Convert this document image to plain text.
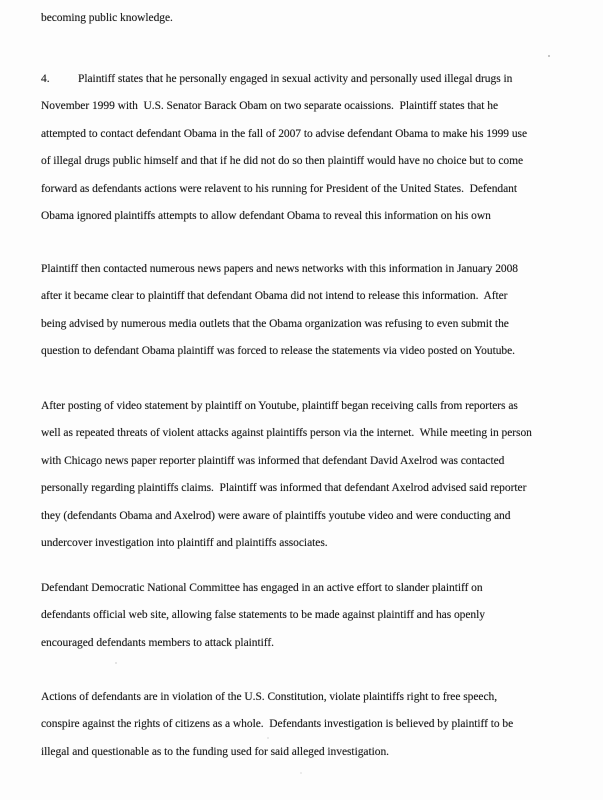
becoming public knowledge.
4. Plaintiff states that he personally engaged in sexual activity and personally used illegal drugs in
November 1999 with  U.S. Senator Barack Obam on two separate ocaissions.  Plaintiff states that he
attempted to contact defendant Obama in the fall of 2007 to advise defendant Obama to make his 1999 use
of illegal drugs public himself and that if he did not do so then plaintiff would have no choice but to come
forward as defendants actions were relavent to his running for President of the United States.  Defendant
Obama ignored plaintiffs attempts to allow defendant Obama to reveal this information on his own
Plaintiff then contacted numerous news papers and news networks with this information in January 2008
after it became clear to plaintiff that defendant Obama did not intend to release this information.  After
being advised by numerous media outlets that the Obama organization was refusing to even submit the
question to defendant Obama plaintiff was forced to release the statements via video posted on Youtube.
After posting of video statement by plaintiff on Youtube, plaintiff began receiving calls from reporters as
well as repeated threats of violent attacks against plaintiffs person via the internet.  While meeting in person
with Chicago news paper reporter plaintiff was informed that defendant David Axelrod was contacted
personally regarding plaintiffs claims.  Plaintiff was informed that defendant Axelrod advised said reporter
they (defendants Obama and Axelrod) were aware of plaintiffs youtube video and were conducting and
undercover investigation into plaintiff and plaintiffs associates.
Defendant Democratic National Committee has engaged in an active effort to slander plaintiff on
defendants official web site, allowing false statements to be made against plaintiff and has openly
encouraged defendants members to attack plaintiff.
Actions of defendants are in violation of the U.S. Constitution, violate plaintiffs right to free speech,
conspire against the rights of citizens as a whole.  Defendants investigation is believed by plaintiff to be
illegal and questionable as to the funding used for said alleged investigation.
